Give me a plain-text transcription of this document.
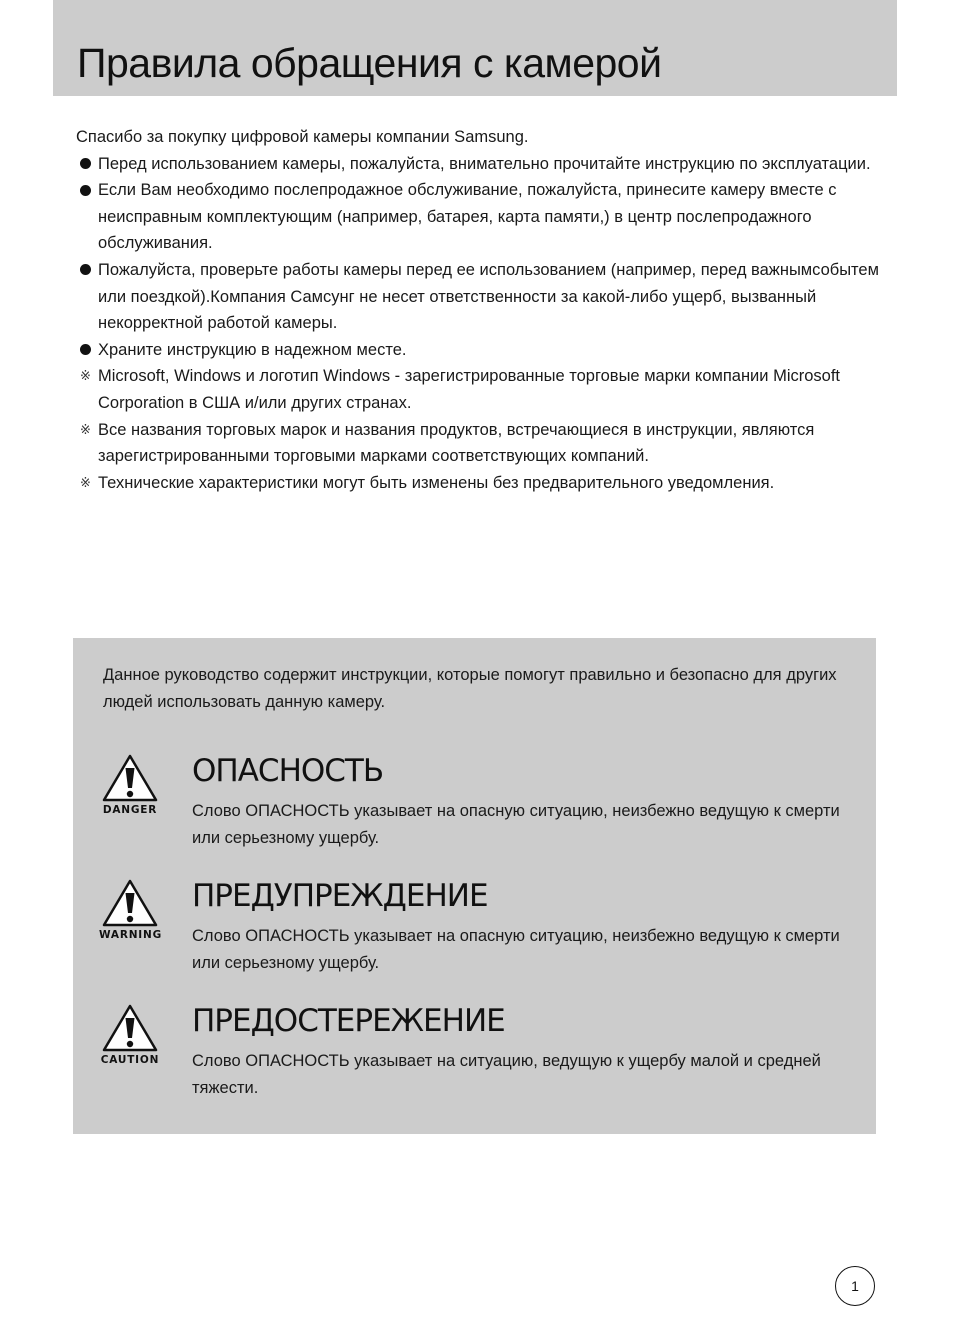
Правила обращения с камерой

Спасибо за покупку цифровой камеры компании Samsung.

Перед использованием камеры, пожалуйста, внимательно прочитайте инструкцию по эксплуатации.
Если Вам необходимо послепродажное обслуживание, пожалуйста, принесите камеру вместе с неисправным комплектующим (например, батарея, карта памяти,) в центр послепродажного обслуживания.
Пожалуйста, проверьте работы камеры перед ее использованием (например, перед важнымсобытем или поездкой).Компания Самсунг не несет ответственности за какой-либо ущерб, вызванный некорректной работой камеры.
Храните инструкцию в надежном месте.
※ Microsoft, Windows и логотип Windows - зарегистрированные торговые марки компании Microsoft Corporation в США и/или других странах.
※ Все названия торговых марок и названия продуктов, встречающиеся в инструкции, являются зарегистрированными торговыми марками соответствующих компаний.
※ Технические характеристики могут быть изменены без предварительного уведомления.

Данное руководство содержит инструкции, которые помогут правильно и безопасно для других людей использовать данную камеру.

DANGER
ОПАСНОСТЬ

Слово ОПАСНОСТЬ указывает на опасную ситуацию, неизбежно ведущую к смерти или серьезному ущербу.

WARNING
ПРЕДУПРЕЖДЕНИЕ

Слово ОПАСНОСТЬ указывает на опасную ситуацию, неизбежно ведущую к смерти или серьезному ущербу.

CAUTION
ПРЕДОСТЕРЕЖЕНИЕ

Слово ОПАСНОСТЬ указывает на ситуацию, ведущую к ущербу малой и средней тяжести.

1
